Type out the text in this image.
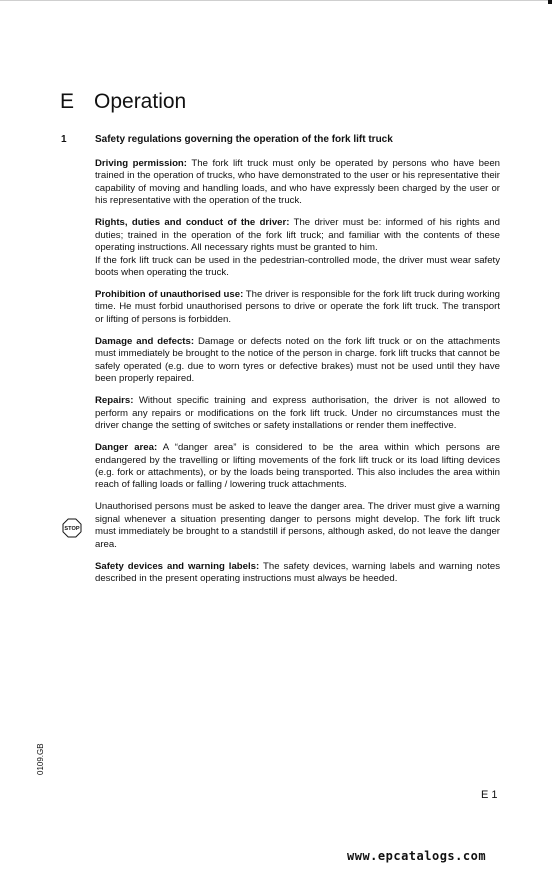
E Operation
1	Safety regulations governing the operation of the fork lift truck

Driving permission: The fork lift truck must only be operated by persons who have been trained in the operation of trucks, who have demonstrated to the user or his representative their capability of moving and handling loads, and who have expressly been charged by the user or his representative with the operation of the truck.

Rights, duties and conduct of the driver: The driver must be: informed of his rights and duties; trained in the operation of the fork lift truck; and familiar with the contents of these operating instructions. All necessary rights must be granted to him.
If the fork lift truck can be used in the pedestrian-controlled mode, the driver must wear safety boots when operating the truck.

Prohibition of unauthorised use: The driver is responsible for the fork lift truck during working time. He must forbid unauthorised persons to drive or operate the fork lift truck. The transport or lifting of persons is forbidden.

Damage and defects: Damage or defects noted on the fork lift truck or on the attachments must immediately be brought to the notice of the person in charge. fork lift trucks that cannot be safely operated (e.g. due to worn tyres or defective brakes) must not be used until they have been properly repaired.

Repairs: Without specific training and express authorisation, the driver is not allowed to perform any repairs or modifications on the fork lift truck. Under no circumstances must the driver change the setting of switches or safety installations or render them ineffective.

Danger area: A “danger area” is considered to be the area within which persons are endangered by the travelling or lifting movements of the fork lift truck or its load lifting devices (e.g. fork or attachments), or by the loads being transported. This also includes the area within reach of falling loads or falling / lowering truck attachments.

Unauthorised persons must be asked to leave the danger area. The driver must give a warning signal whenever a situation presenting danger to persons might develop. The fork lift truck must immediately be brought to a standstill if persons, although asked, do not leave the danger area.

Safety devices and warning labels: The safety devices, warning labels and warning notes described in the present operating instructions must always be heeded.

STOP
0109.GB
E 1
www.epcatalogs.com
